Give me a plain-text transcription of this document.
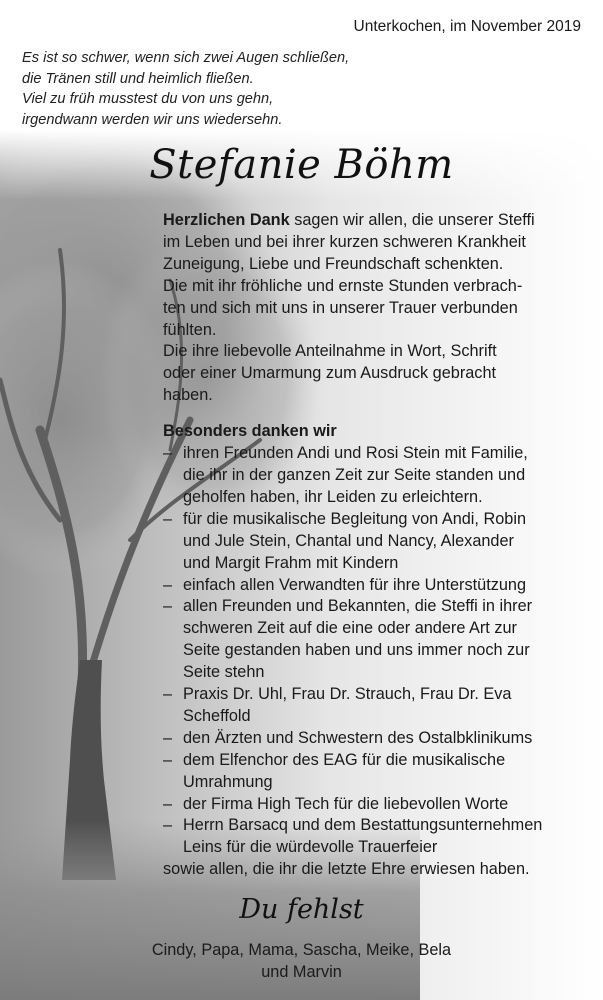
Unterkochen, im November 2019
Es ist so schwer, wenn sich zwei Augen schließen,
die Tränen still und heimlich fließen.
Viel zu früh musstest du von uns gehn,
irgendwann werden wir uns wiedersehn.
Stefanie Böhm
Herzlichen Dank sagen wir allen, die unserer Steffi
im Leben und bei ihrer kurzen schweren Krankheit
Zuneigung, Liebe und Freundschaft schenkten.
Die mit ihr fröhliche und ernste Stunden verbrach-
ten und sich mit uns in unserer Trauer verbunden
fühlten.
Die ihre liebevolle Anteilnahme in Wort, Schrift
oder einer Umarmung zum Ausdruck gebracht
haben.
Besonders danken wir
– ihren Freunden Andi und Rosi Stein mit Familie,
die ihr in der ganzen Zeit zur Seite standen und
geholfen haben, ihr Leiden zu erleichtern.
– für die musikalische Begleitung von Andi, Robin
und Jule Stein, Chantal und Nancy, Alexander
und Margit Frahm mit Kindern
– einfach allen Verwandten für ihre Unterstützung
– allen Freunden und Bekannten, die Steffi in ihrer
schweren Zeit auf die eine oder andere Art zur
Seite gestanden haben und uns immer noch zur
Seite stehn
– Praxis Dr. Uhl, Frau Dr. Strauch, Frau Dr. Eva
Scheffold
– den Ärzten und Schwestern des Ostalbklinikums
– dem Elfenchor des EAG für die musikalische
Umrahmung
– der Firma High Tech für die liebevollen Worte
– Herrn Barsacq und dem Bestattungsunternehmen
Leins für die würdevolle Trauerfeier
sowie allen, die ihr die letzte Ehre erwiesen haben.
Du fehlst
Cindy, Papa, Mama, Sascha, Meike, Bela
und Marvin
